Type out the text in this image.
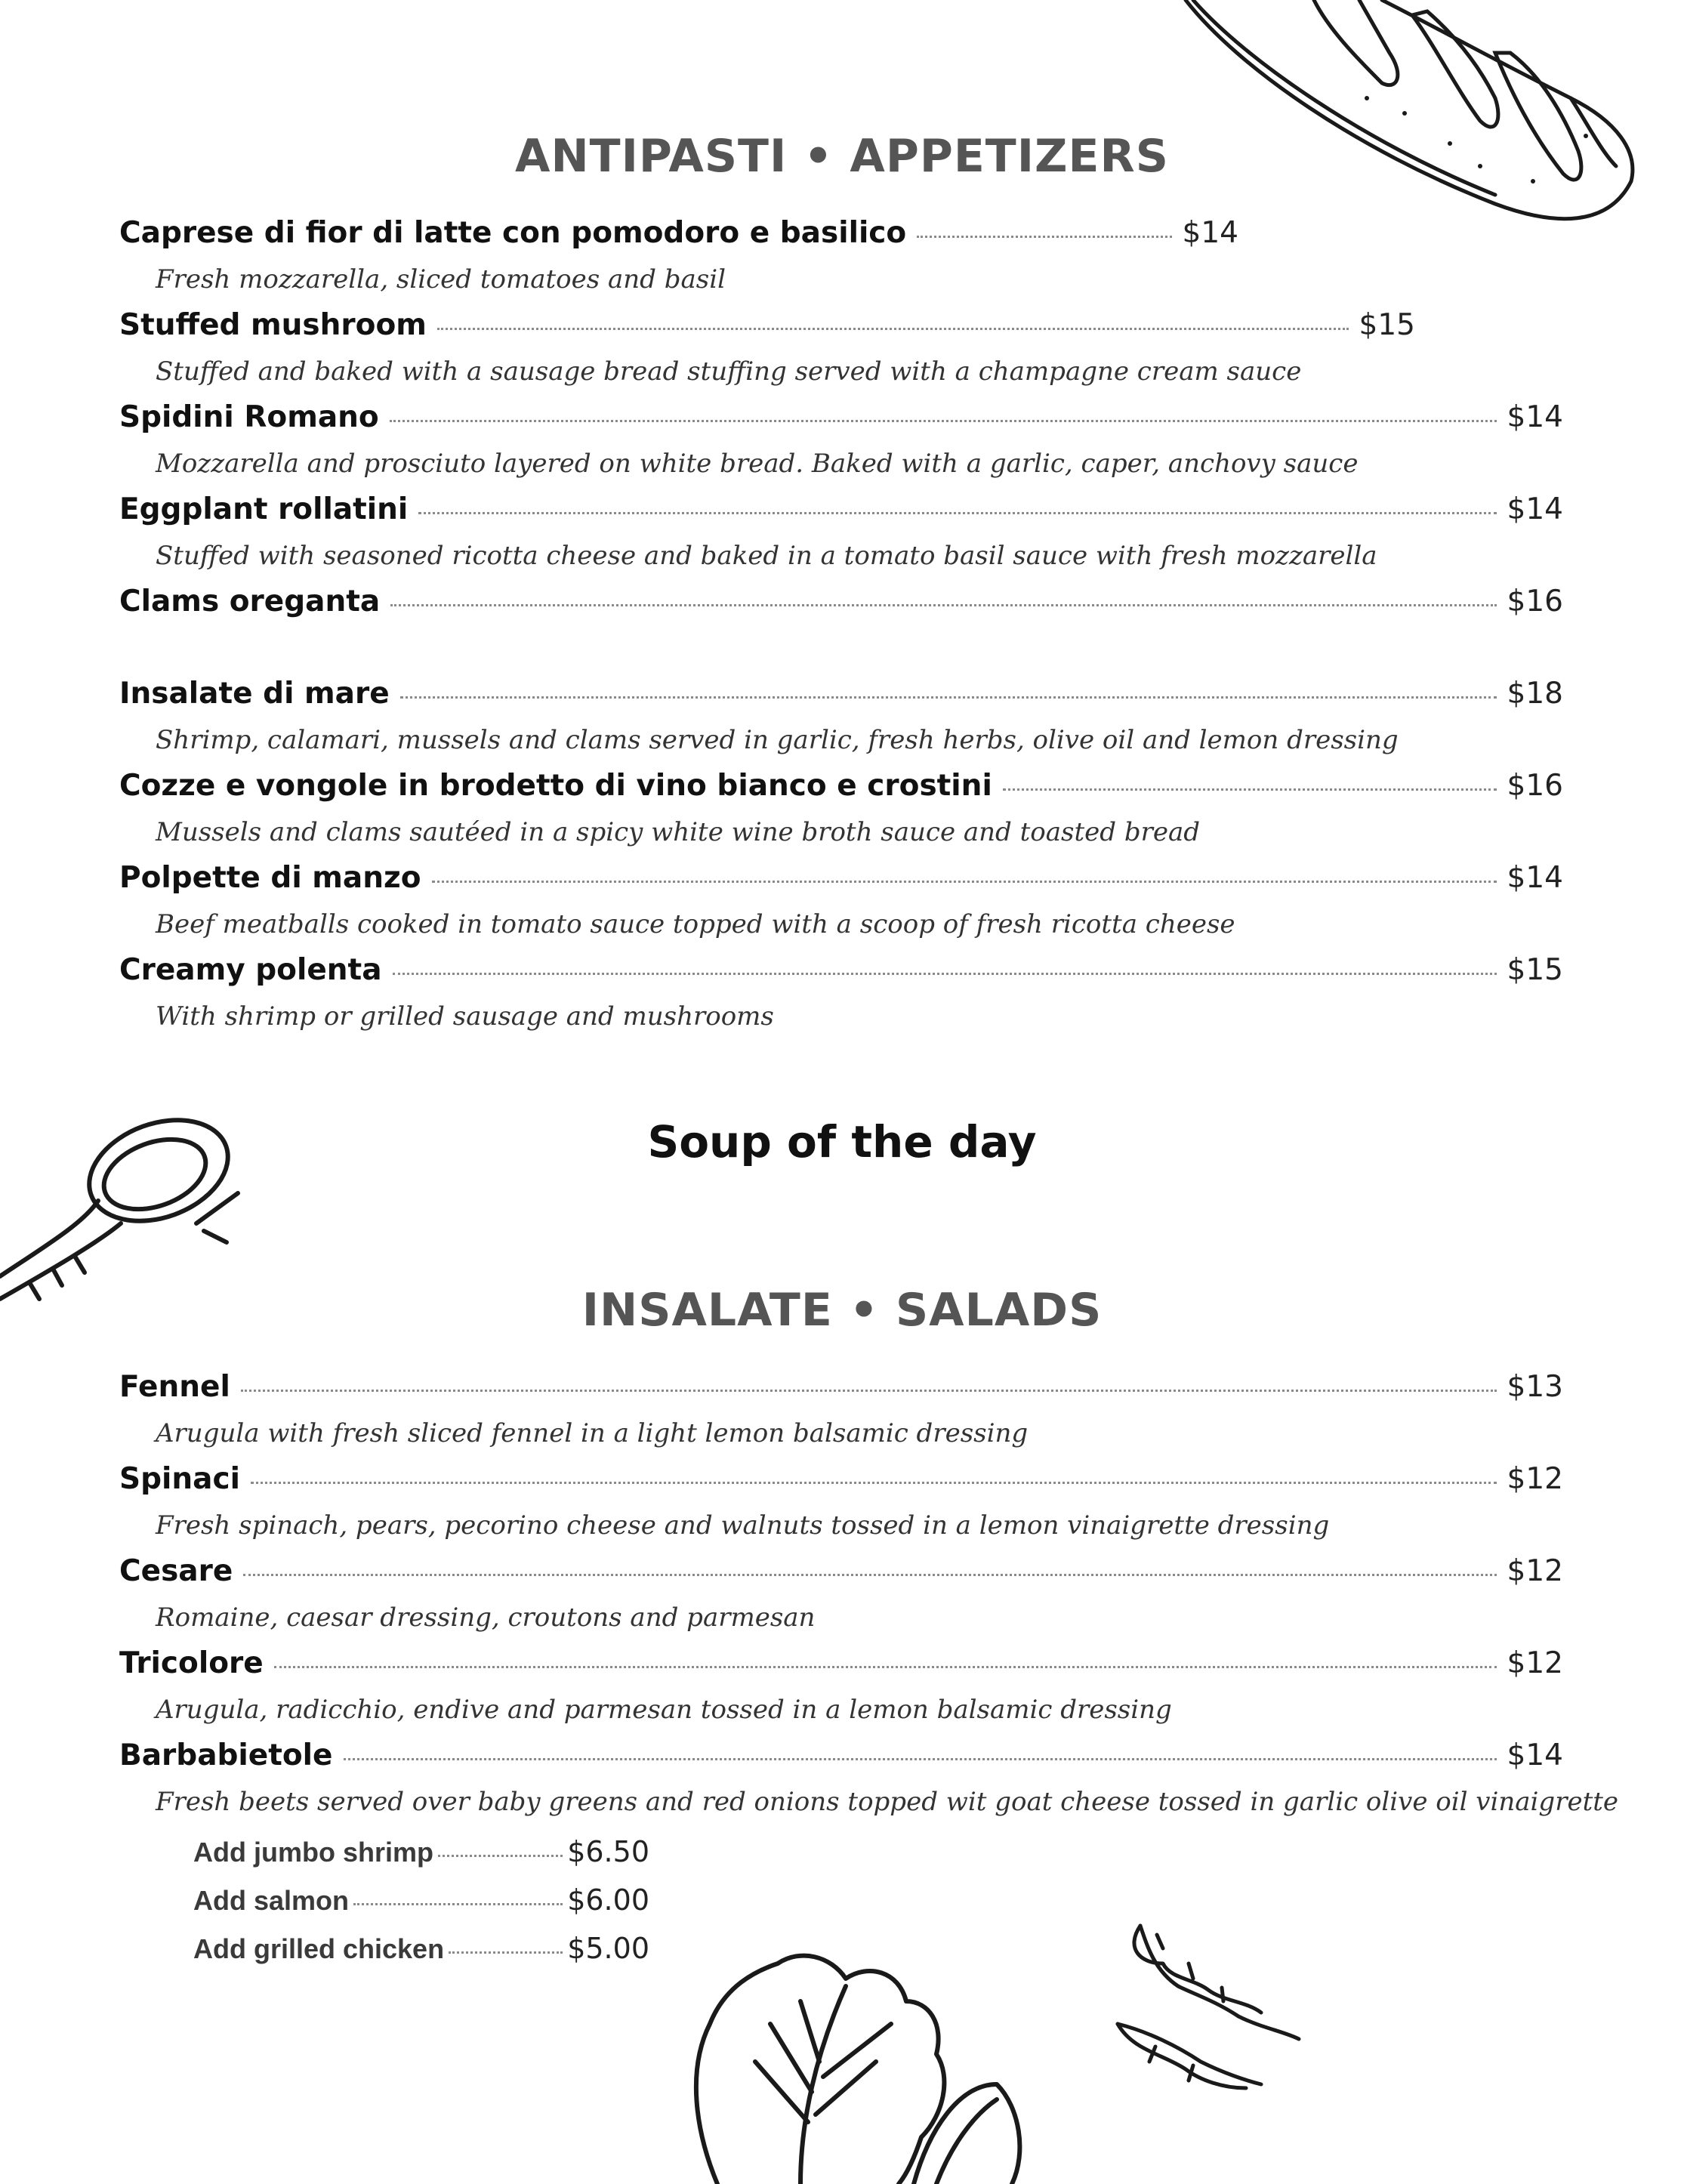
ANTIPASTI • APPETIZERS
Caprese di fior di latte con pomodoro e basilico	$14

Fresh mozzarella, sliced tomatoes and basil

Stuffed mushroom	$15

Stuffed and baked with a sausage bread stuffing served with a champagne cream sauce

Spidini Romano	$14

Mozzarella and prosciuto layered on white bread. Baked with a garlic, caper, anchovy sauce

Eggplant rollatini	$14

Stuffed with seasoned ricotta cheese and baked in a tomato basil sauce with fresh mozzarella

Clams oreganta	$16
Insalate di mare	$18

Shrimp, calamari, mussels and clams served in garlic, fresh herbs, olive oil and lemon dressing

Cozze e vongole in brodetto di vino bianco e crostini	$16

Mussels and clams sautéed in a spicy white wine broth sauce and toasted bread

Polpette di manzo	$14

Beef meatballs cooked in tomato sauce topped with a scoop of fresh ricotta cheese

Creamy polenta	$15

With shrimp or grilled sausage and mushrooms

Soup of the day
INSALATE • SALADS
Fennel	$13

Arugula with fresh sliced fennel in a light lemon balsamic dressing

Spinaci	$12

Fresh spinach, pears, pecorino cheese and walnuts tossed in a lemon vinaigrette dressing

Cesare	$12

Romaine, caesar dressing, croutons and parmesan

Tricolore	$12

Arugula, radicchio, endive and parmesan tossed in a lemon balsamic dressing

Barbabietole	$14

Fresh beets served over baby greens and red onions topped wit goat cheese tossed in garlic olive oil vinaigrette

Add jumbo shrimp	$6.50
Add salmon	$6.00
Add grilled chicken	$5.00
